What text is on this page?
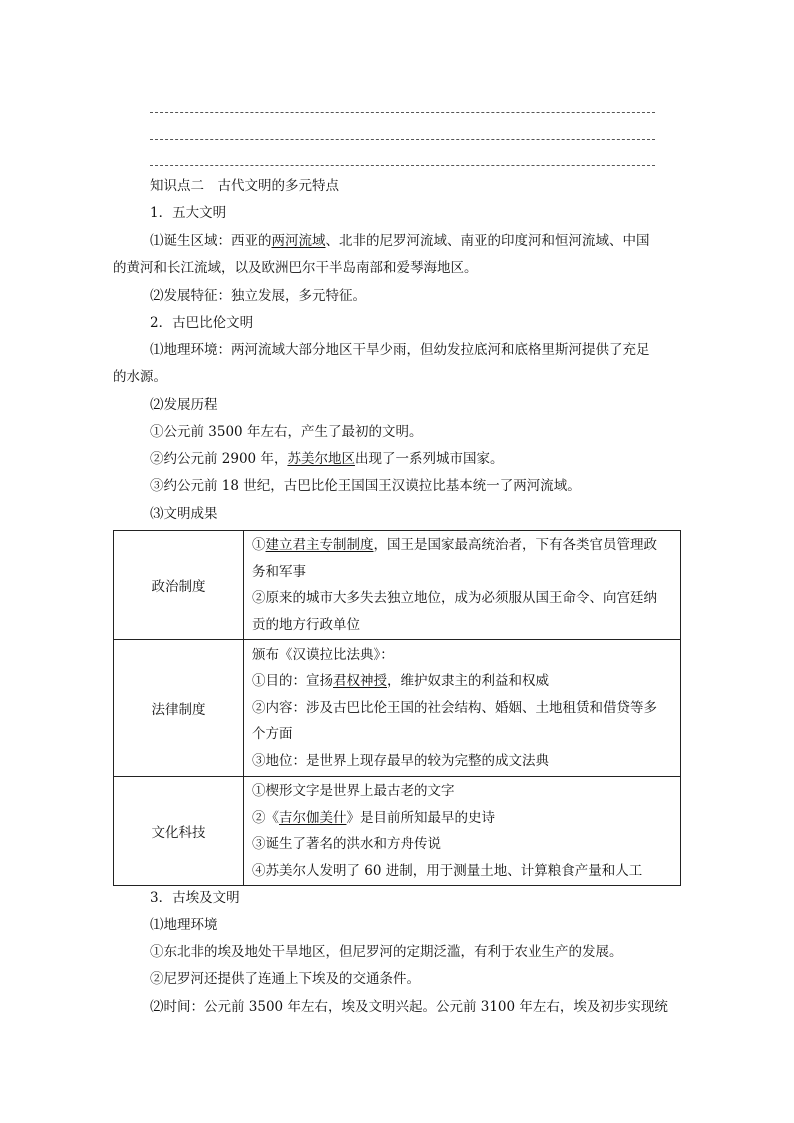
知识点二　古代文明的多元特点
1．五大文明
⑴诞生区域：西亚的两河流域、北非的尼罗河流域、南亚的印度河和恒河流域、中国
的黄河和长江流域，以及欧洲巴尔干半岛南部和爱琴海地区。
⑵发展特征：独立发展，多元特征。
2．古巴比伦文明
⑴地理环境：两河流域大部分地区干旱少雨，但幼发拉底河和底格里斯河提供了充足
的水源。
⑵发展历程
①公元前 3500 年左右，产生了最初的文明。
②约公元前 2900 年，苏美尔地区出现了一系列城市国家。
③约公元前 18 世纪，古巴比伦王国国王汉谟拉比基本统一了两河流域。
⑶文明成果
政治制度	①建立君主专制制度，国王是国家最高统治者，下有各类官员管理政
务和军事
②原来的城市大多失去独立地位，成为必须服从国王命令、向宫廷纳
贡的地方行政单位

法律制度	颁布《汉谟拉比法典》：
①目的：宣扬君权神授，维护奴隶主的利益和权威
②内容：涉及古巴比伦王国的社会结构、婚姻、土地租赁和借贷等多
个方面
③地位：是世界上现存最早的较为完整的成文法典

文化科技	①楔形文字是世界上最古老的文字
②《吉尔伽美什》是目前所知最早的史诗
③诞生了著名的洪水和方舟传说
④苏美尔人发明了 60 进制，用于测量土地、计算粮食产量和人工
3．古埃及文明
⑴地理环境
①东北非的埃及地处干旱地区，但尼罗河的定期泛滥，有利于农业生产的发展。
②尼罗河还提供了连通上下埃及的交通条件。
⑵时间：公元前 3500 年左右，埃及文明兴起。公元前 3100 年左右，埃及初步实现统
